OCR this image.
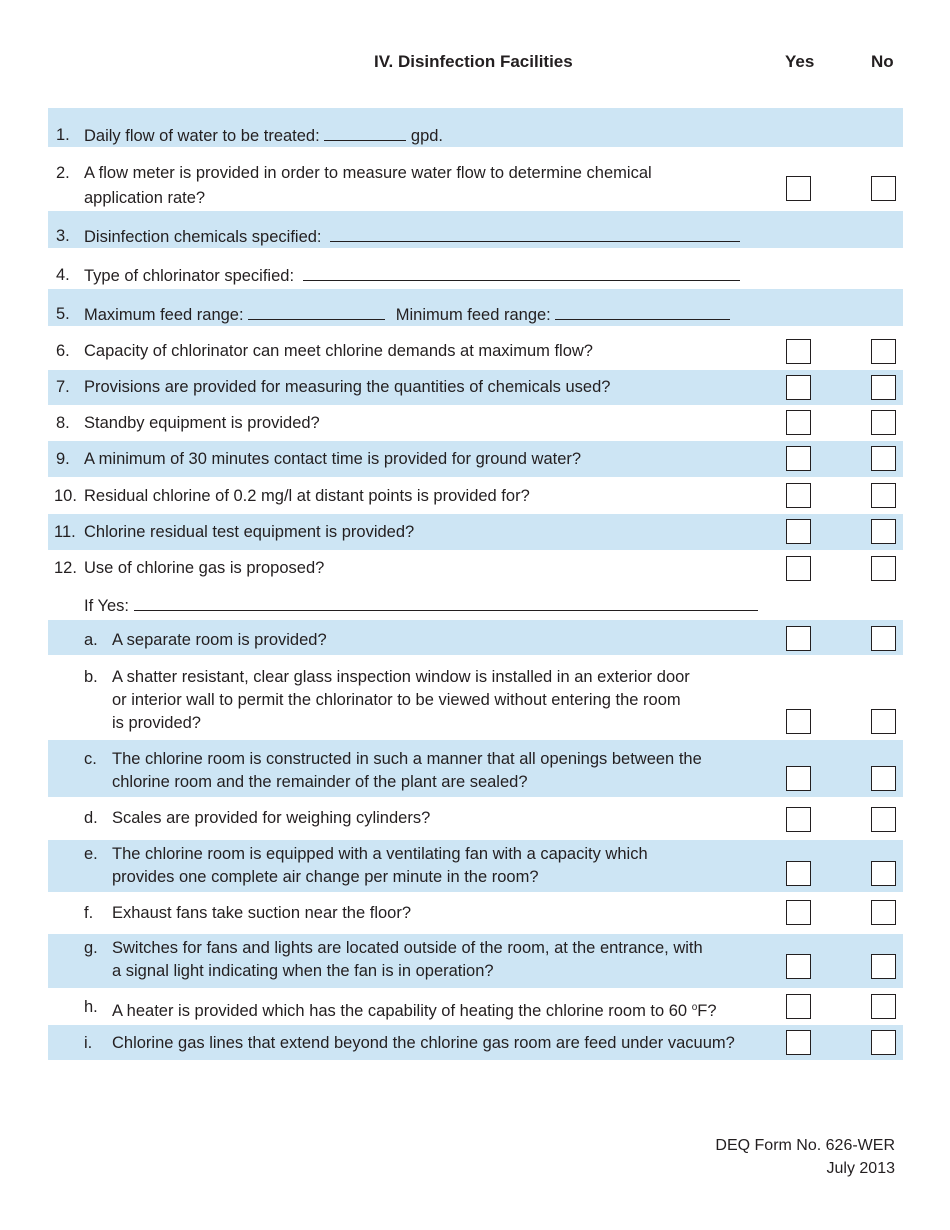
IV. Disinfection Facilities	Yes	No
1. Daily flow of water to be treated:	gpd.
2. A flow meter is provided in order to measure water flow to determine chemical
application rate?
3. Disinfection chemicals specified:
4. Type of chlorinator specified:
5. Maximum feed range:	Minimum feed range:
6. Capacity of chlorinator can meet chlorine demands at maximum flow?
7. Provisions are provided for measuring the quantities of chemicals used?
8. Standby equipment is provided?
9. A minimum of 30 minutes contact time is provided for ground water?
10. Residual chlorine of 0.2 mg/l at distant points is provided for?
11. Chlorine residual test equipment is provided?
12. Use of chlorine gas is proposed?
If Yes:
a. A separate room is provided?
b. A shatter resistant, clear glass inspection window is installed in an exterior door
or interior wall to permit the chlorinator to be viewed without entering the room
is provided?
c. The chlorine room is constructed in such a manner that all openings between the
chlorine room and the remainder of the plant are sealed?
d. Scales are provided for weighing cylinders?
e. The chlorine room is equipped with a ventilating fan with a capacity which
provides one complete air change per minute in the room?
f. Exhaust fans take suction near the floor?
g. Switches for fans and lights are located outside of the room, at the entrance, with
a signal light indicating when the fan is in operation?
h. A heater is provided which has the capability of heating the chlorine room to 60 $^o$F?
i. Chlorine gas lines that extend beyond the chlorine gas room are feed under vacuum?
DEQ Form No. 626-WER
July 2013
